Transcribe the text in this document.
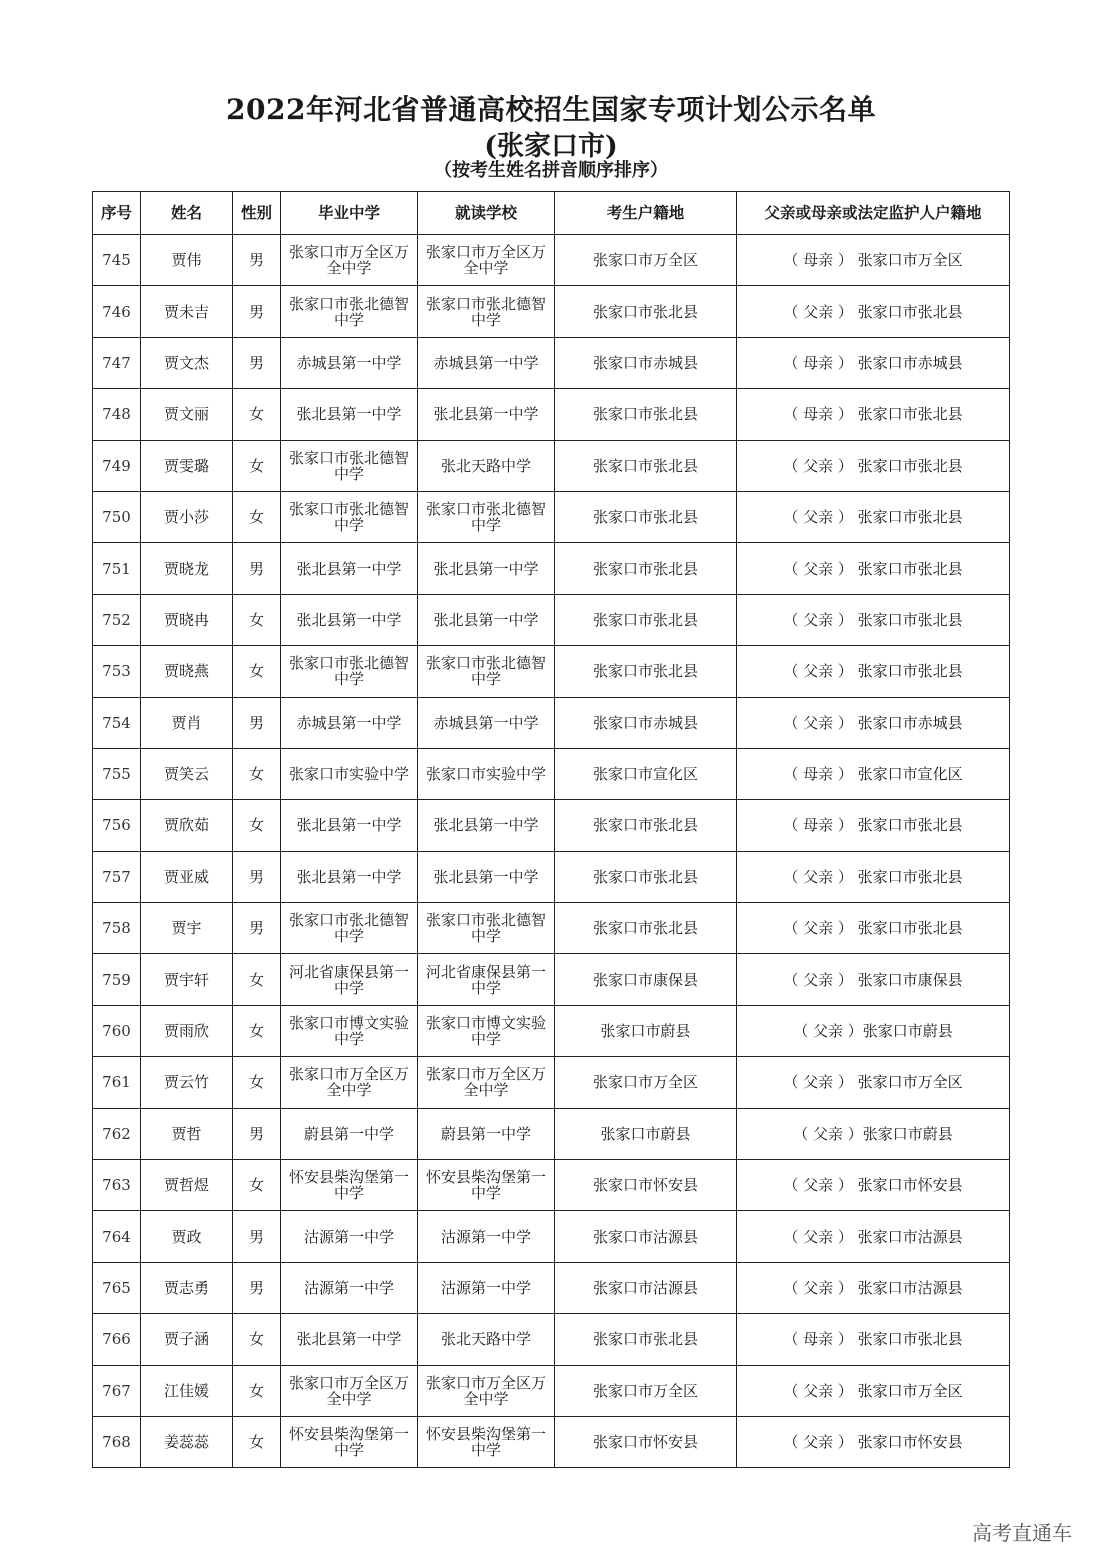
2022年河北省普通高校招生国家专项计划公示名单
(张家口市)
（按考生姓名拼音顺序排序）
序号	姓名	性别	毕业中学	就读学校	考生户籍地	父亲或母亲或法定监护人户籍地
745	贾伟	男	张家口市万全区万全中学	张家口市万全区万全中学	张家口市万全区	（ 母亲 ） 张家口市万全区
746	贾未吉	男	张家口市张北德智中学	张家口市张北德智中学	张家口市张北县	（ 父亲 ） 张家口市张北县
747	贾文杰	男	赤城县第一中学	赤城县第一中学	张家口市赤城县	（ 母亲 ） 张家口市赤城县
748	贾文丽	女	张北县第一中学	张北县第一中学	张家口市张北县	（ 母亲 ） 张家口市张北县
749	贾雯璐	女	张家口市张北德智中学	张北天路中学	张家口市张北县	（ 父亲 ） 张家口市张北县
750	贾小莎	女	张家口市张北德智中学	张家口市张北德智中学	张家口市张北县	（ 父亲 ） 张家口市张北县
751	贾晓龙	男	张北县第一中学	张北县第一中学	张家口市张北县	（ 父亲 ） 张家口市张北县
752	贾晓冉	女	张北县第一中学	张北县第一中学	张家口市张北县	（ 父亲 ） 张家口市张北县
753	贾晓燕	女	张家口市张北德智中学	张家口市张北德智中学	张家口市张北县	（ 父亲 ） 张家口市张北县
754	贾肖	男	赤城县第一中学	赤城县第一中学	张家口市赤城县	（ 父亲 ） 张家口市赤城县
755	贾笑云	女	张家口市实验中学	张家口市实验中学	张家口市宣化区	（ 母亲 ） 张家口市宣化区
756	贾欣茹	女	张北县第一中学	张北县第一中学	张家口市张北县	（ 母亲 ） 张家口市张北县
757	贾亚威	男	张北县第一中学	张北县第一中学	张家口市张北县	（ 父亲 ） 张家口市张北县
758	贾宇	男	张家口市张北德智中学	张家口市张北德智中学	张家口市张北县	（ 父亲 ） 张家口市张北县
759	贾宇轩	女	河北省康保县第一中学	河北省康保县第一中学	张家口市康保县	（ 父亲 ） 张家口市康保县
760	贾雨欣	女	张家口市博文实验中学	张家口市博文实验中学	张家口市蔚县	（ 父亲 ）张家口市蔚县
761	贾云竹	女	张家口市万全区万全中学	张家口市万全区万全中学	张家口市万全区	（ 父亲 ） 张家口市万全区
762	贾哲	男	蔚县第一中学	蔚县第一中学	张家口市蔚县	（ 父亲 ）张家口市蔚县
763	贾哲煜	女	怀安县柴沟堡第一中学	怀安县柴沟堡第一中学	张家口市怀安县	（ 父亲 ） 张家口市怀安县
764	贾政	男	沽源第一中学	沽源第一中学	张家口市沽源县	（ 父亲 ） 张家口市沽源县
765	贾志勇	男	沽源第一中学	沽源第一中学	张家口市沽源县	（ 父亲 ） 张家口市沽源县
766	贾子涵	女	张北县第一中学	张北天路中学	张家口市张北县	（ 母亲 ） 张家口市张北县
767	江佳媛	女	张家口市万全区万全中学	张家口市万全区万全中学	张家口市万全区	（ 父亲 ） 张家口市万全区
768	姜蕊蕊	女	怀安县柴沟堡第一中学	怀安县柴沟堡第一中学	张家口市怀安县	（ 父亲 ） 张家口市怀安县
高考直通车
